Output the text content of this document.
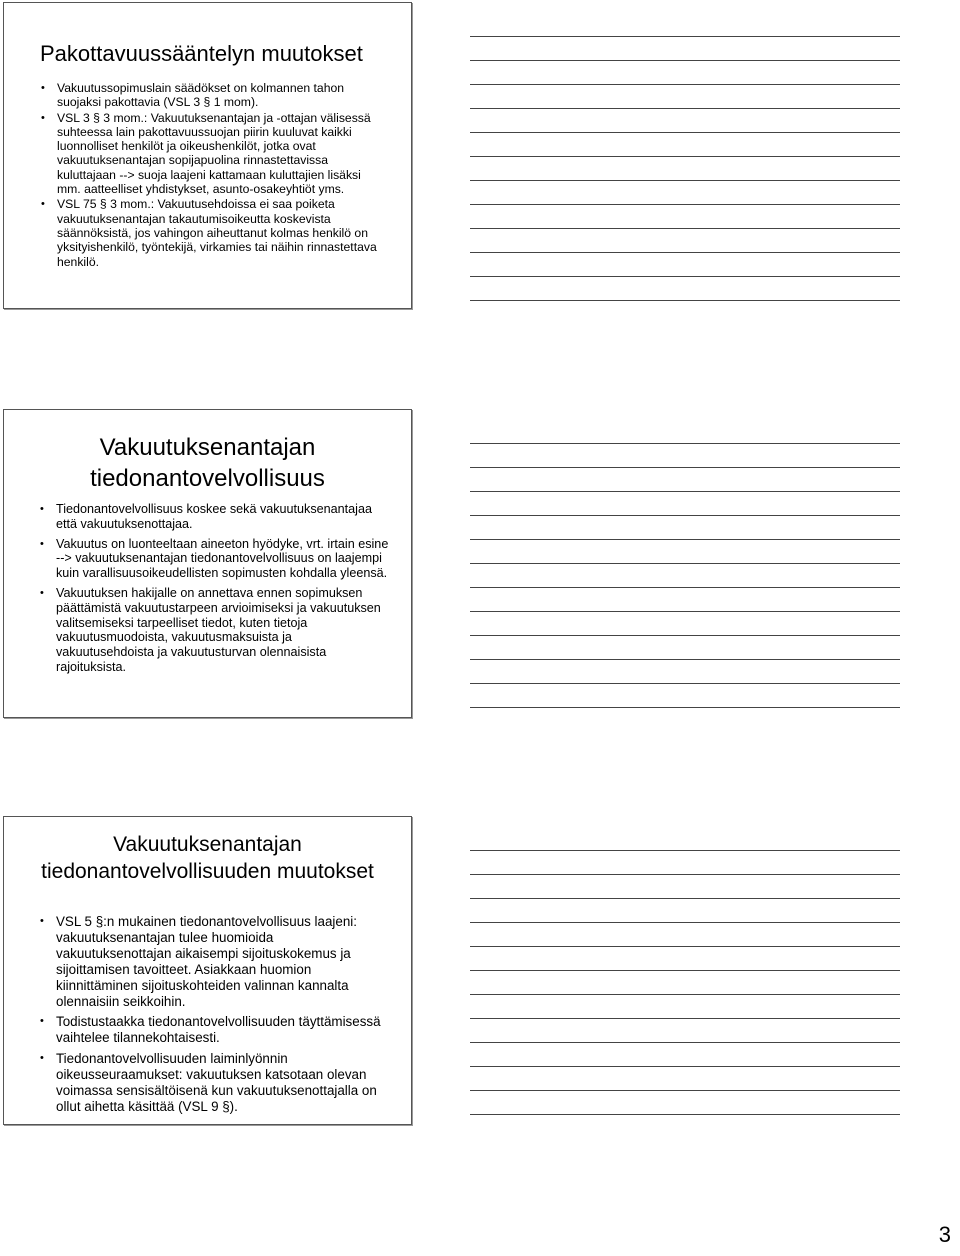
Pakottavuussääntelyn muutokset
• Vakuutussopimuslain säädökset on kolmannen tahon suojaksi pakottavia (VSL 3 § 1 mom).
• VSL 3 § 3 mom.: Vakuutuksenantajan ja -ottajan välisessä suhteessa lain pakottavuussuojan piirin kuuluvat kaikki luonnolliset henkilöt ja oikeushenkilöt, jotka ovat vakuutuksenantajan sopijapuolina rinnastettavissa kuluttajaan --> suoja laajeni kattamaan kuluttajien lisäksi mm. aatteelliset yhdistykset, asunto-osakeyhtiöt yms.
• VSL 75 § 3 mom.: Vakuutusehdoissa ei saa poiketa vakuutuksenantajan takautumisoikeutta koskevista säännöksistä, jos vahingon aiheuttanut kolmas henkilö on yksityishenkilö, työntekijä, virkamies tai näihin rinnastettava henkilö.
Vakuutuksenantajan tiedonantovelvollisuus
• Tiedonantovelvollisuus koskee sekä vakuutuksenantajaa että vakuutuksenottajaa.
• Vakuutus on luonteeltaan aineeton hyödyke, vrt. irtain esine --> vakuutuksenantajan tiedonantovelvollisuus on laajempi kuin varallisuusoikeudellisten sopimusten kohdalla yleensä.
• Vakuutuksen hakijalle on annettava ennen sopimuksen päättämistä vakuutustarpeen arvioimiseksi ja vakuutuksen valitsemiseksi tarpeelliset tiedot, kuten tietoja vakuutusmuodoista, vakuutusmaksuista ja vakuutusehdoista ja vakuutusturvan olennaisista rajoituksista.
Vakuutuksenantajan tiedonantovelvollisuuden muutokset
• VSL 5 §:n mukainen tiedonantovelvollisuus laajeni: vakuutuksenantajan tulee huomioida vakuutuksenottajan aikaisempi sijoituskokemus ja sijoittamisen tavoitteet. Asiakkaan huomion kiinnittäminen sijoituskohteiden valinnan kannalta olennaisiin seikkoihin.
• Todistustaakka tiedonantovelvollisuuden täyttämisessä vaihtelee tilannekohtaisesti.
• Tiedonantovelvollisuuden laiminlyönnin oikeusseuraamukset: vakuutuksen katsotaan olevan voimassa sensisältöisenä kun vakuutuksenottajalla on ollut aihetta käsittää (VSL 9 §).
3
